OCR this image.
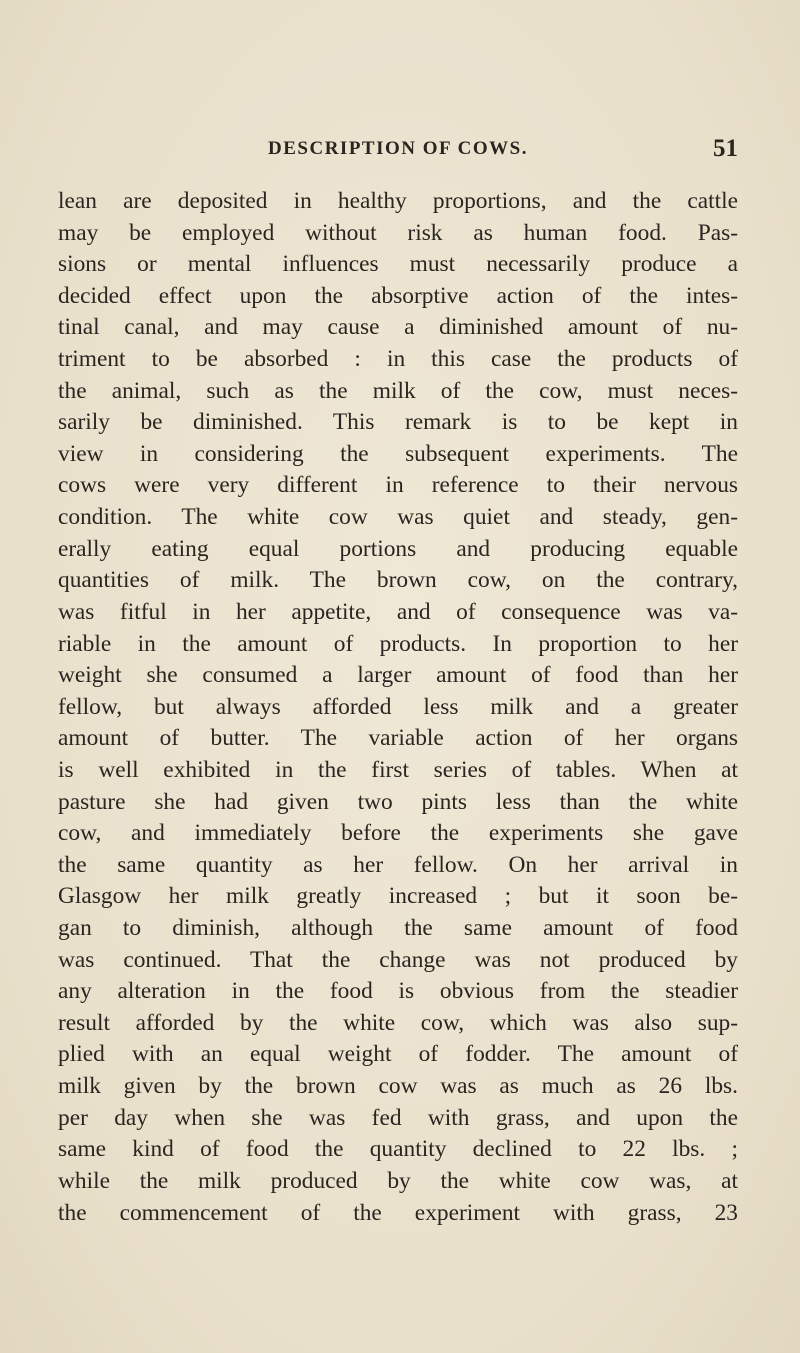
DESCRIPTION OF COWS.	51
lean are deposited in healthy proportions, and the cattle
may be employed without risk as human food. Pas-
sions or mental influences must necessarily produce a
decided effect upon the absorptive action of the intes-
tinal canal, and may cause a diminished amount of nu-
triment to be absorbed : in this case the products of
the animal, such as the milk of the cow, must neces-
sarily be diminished. This remark is to be kept in
view in considering the subsequent experiments. The
cows were very different in reference to their nervous
condition. The white cow was quiet and steady, gen-
erally eating equal portions and producing equable
quantities of milk. The brown cow, on the contrary,
was fitful in her appetite, and of consequence was va-
riable in the amount of products. In proportion to her
weight she consumed a larger amount of food than her
fellow, but always afforded less milk and a greater
amount of butter. The variable action of her organs
is well exhibited in the first series of tables. When at
pasture she had given two pints less than the white
cow, and immediately before the experiments she gave
the same quantity as her fellow. On her arrival in
Glasgow her milk greatly increased ; but it soon be-
gan to diminish, although the same amount of food
was continued. That the change was not produced by
any alteration in the food is obvious from the steadier
result afforded by the white cow, which was also sup-
plied with an equal weight of fodder. The amount of
milk given by the brown cow was as much as 26 lbs.
per day when she was fed with grass, and upon the
same kind of food the quantity declined to 22 lbs. ;
while the milk produced by the white cow was, at
the commencement of the experiment with grass, 23
